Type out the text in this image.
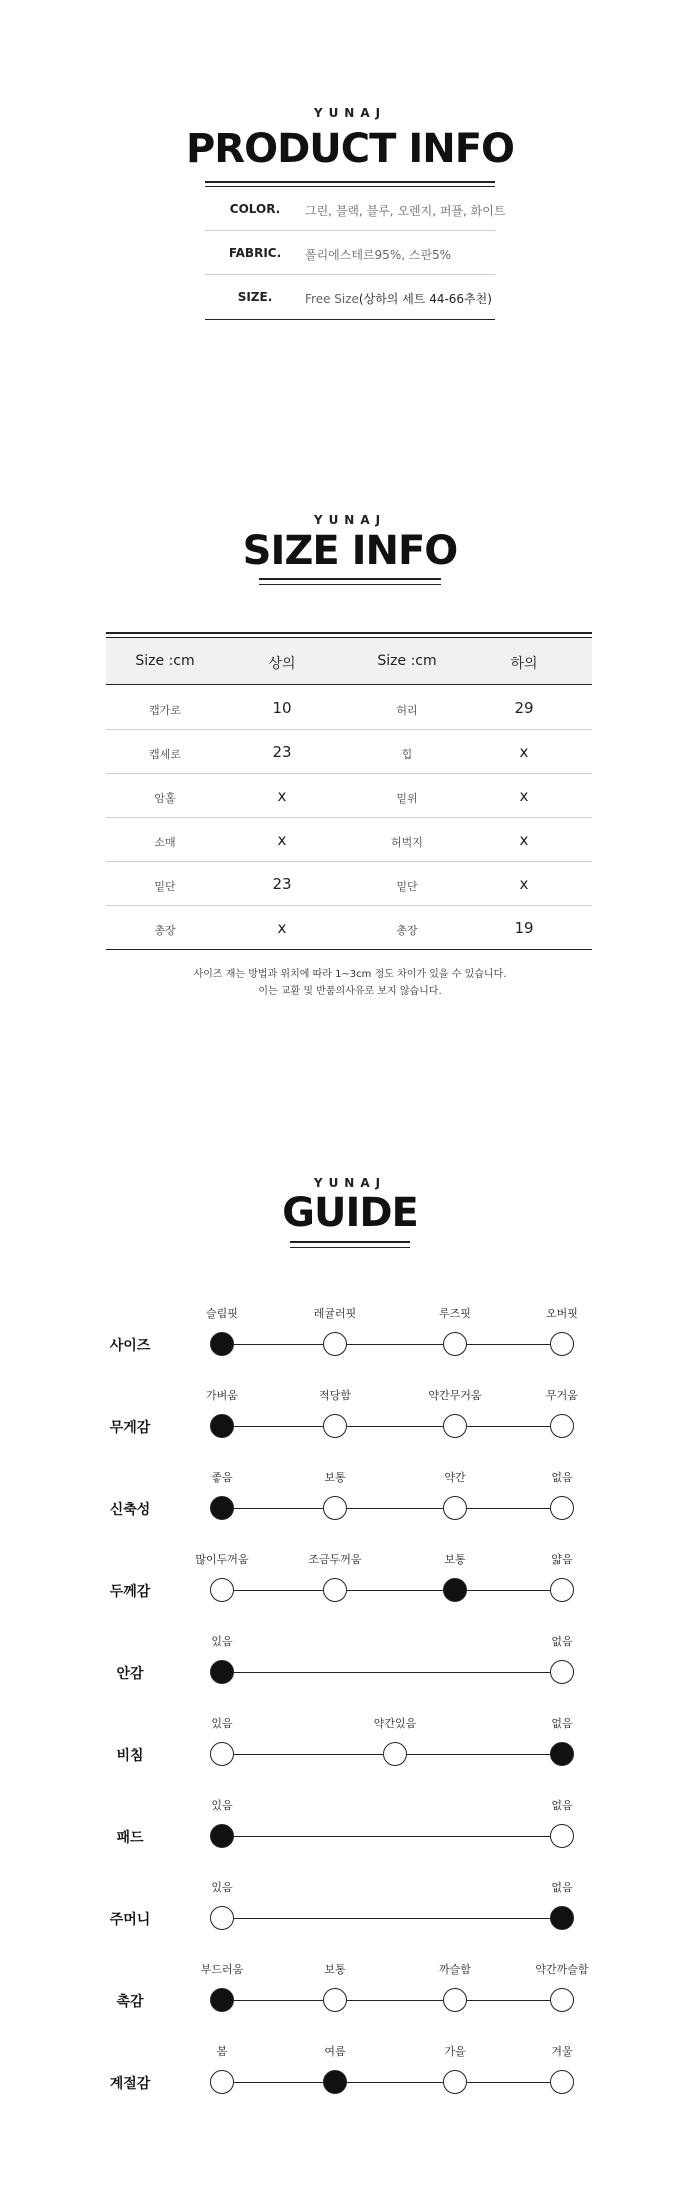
YUNAJ
PRODUCT INFO
COLOR.	그린, 블랙, 블루, 오렌지, 퍼플, 화이트
FABRIC.	폴리에스테르95%, 스판5%
SIZE.	Free Size(상하의 세트 44-66추천)
YUNAJ
SIZE INFO
Size :cm	상의	Size :cm	하의
캡가로	10	허리	29
캡세로	23	힙	x
암홀	x	밑위	x
소매	x	허벅지	x
밑단	23	밑단	x
총장	x	총장	19
사이즈 재는 방법과 위치에 따라 1~3cm 정도 차이가 있을 수 있습니다.
이는 교환 및 반품의사유로 보지 않습니다.
YUNAJ
GUIDE
사이즈
슬림핏	레귤러핏	루즈핏	오버핏
무게감
가벼움	적당함	약간무거움	무거움
신축성
좋음	보통	약간	없음
두께감
많이두꺼움	조금두꺼움	보통	얇음
안감
있음	없음
비침
있음	약간있음	없음
패드
있음	없음
주머니
있음	없음
촉감
부드러움	보통	까슬함	약간까슬함
계절감
봄	여름	가을	겨울
